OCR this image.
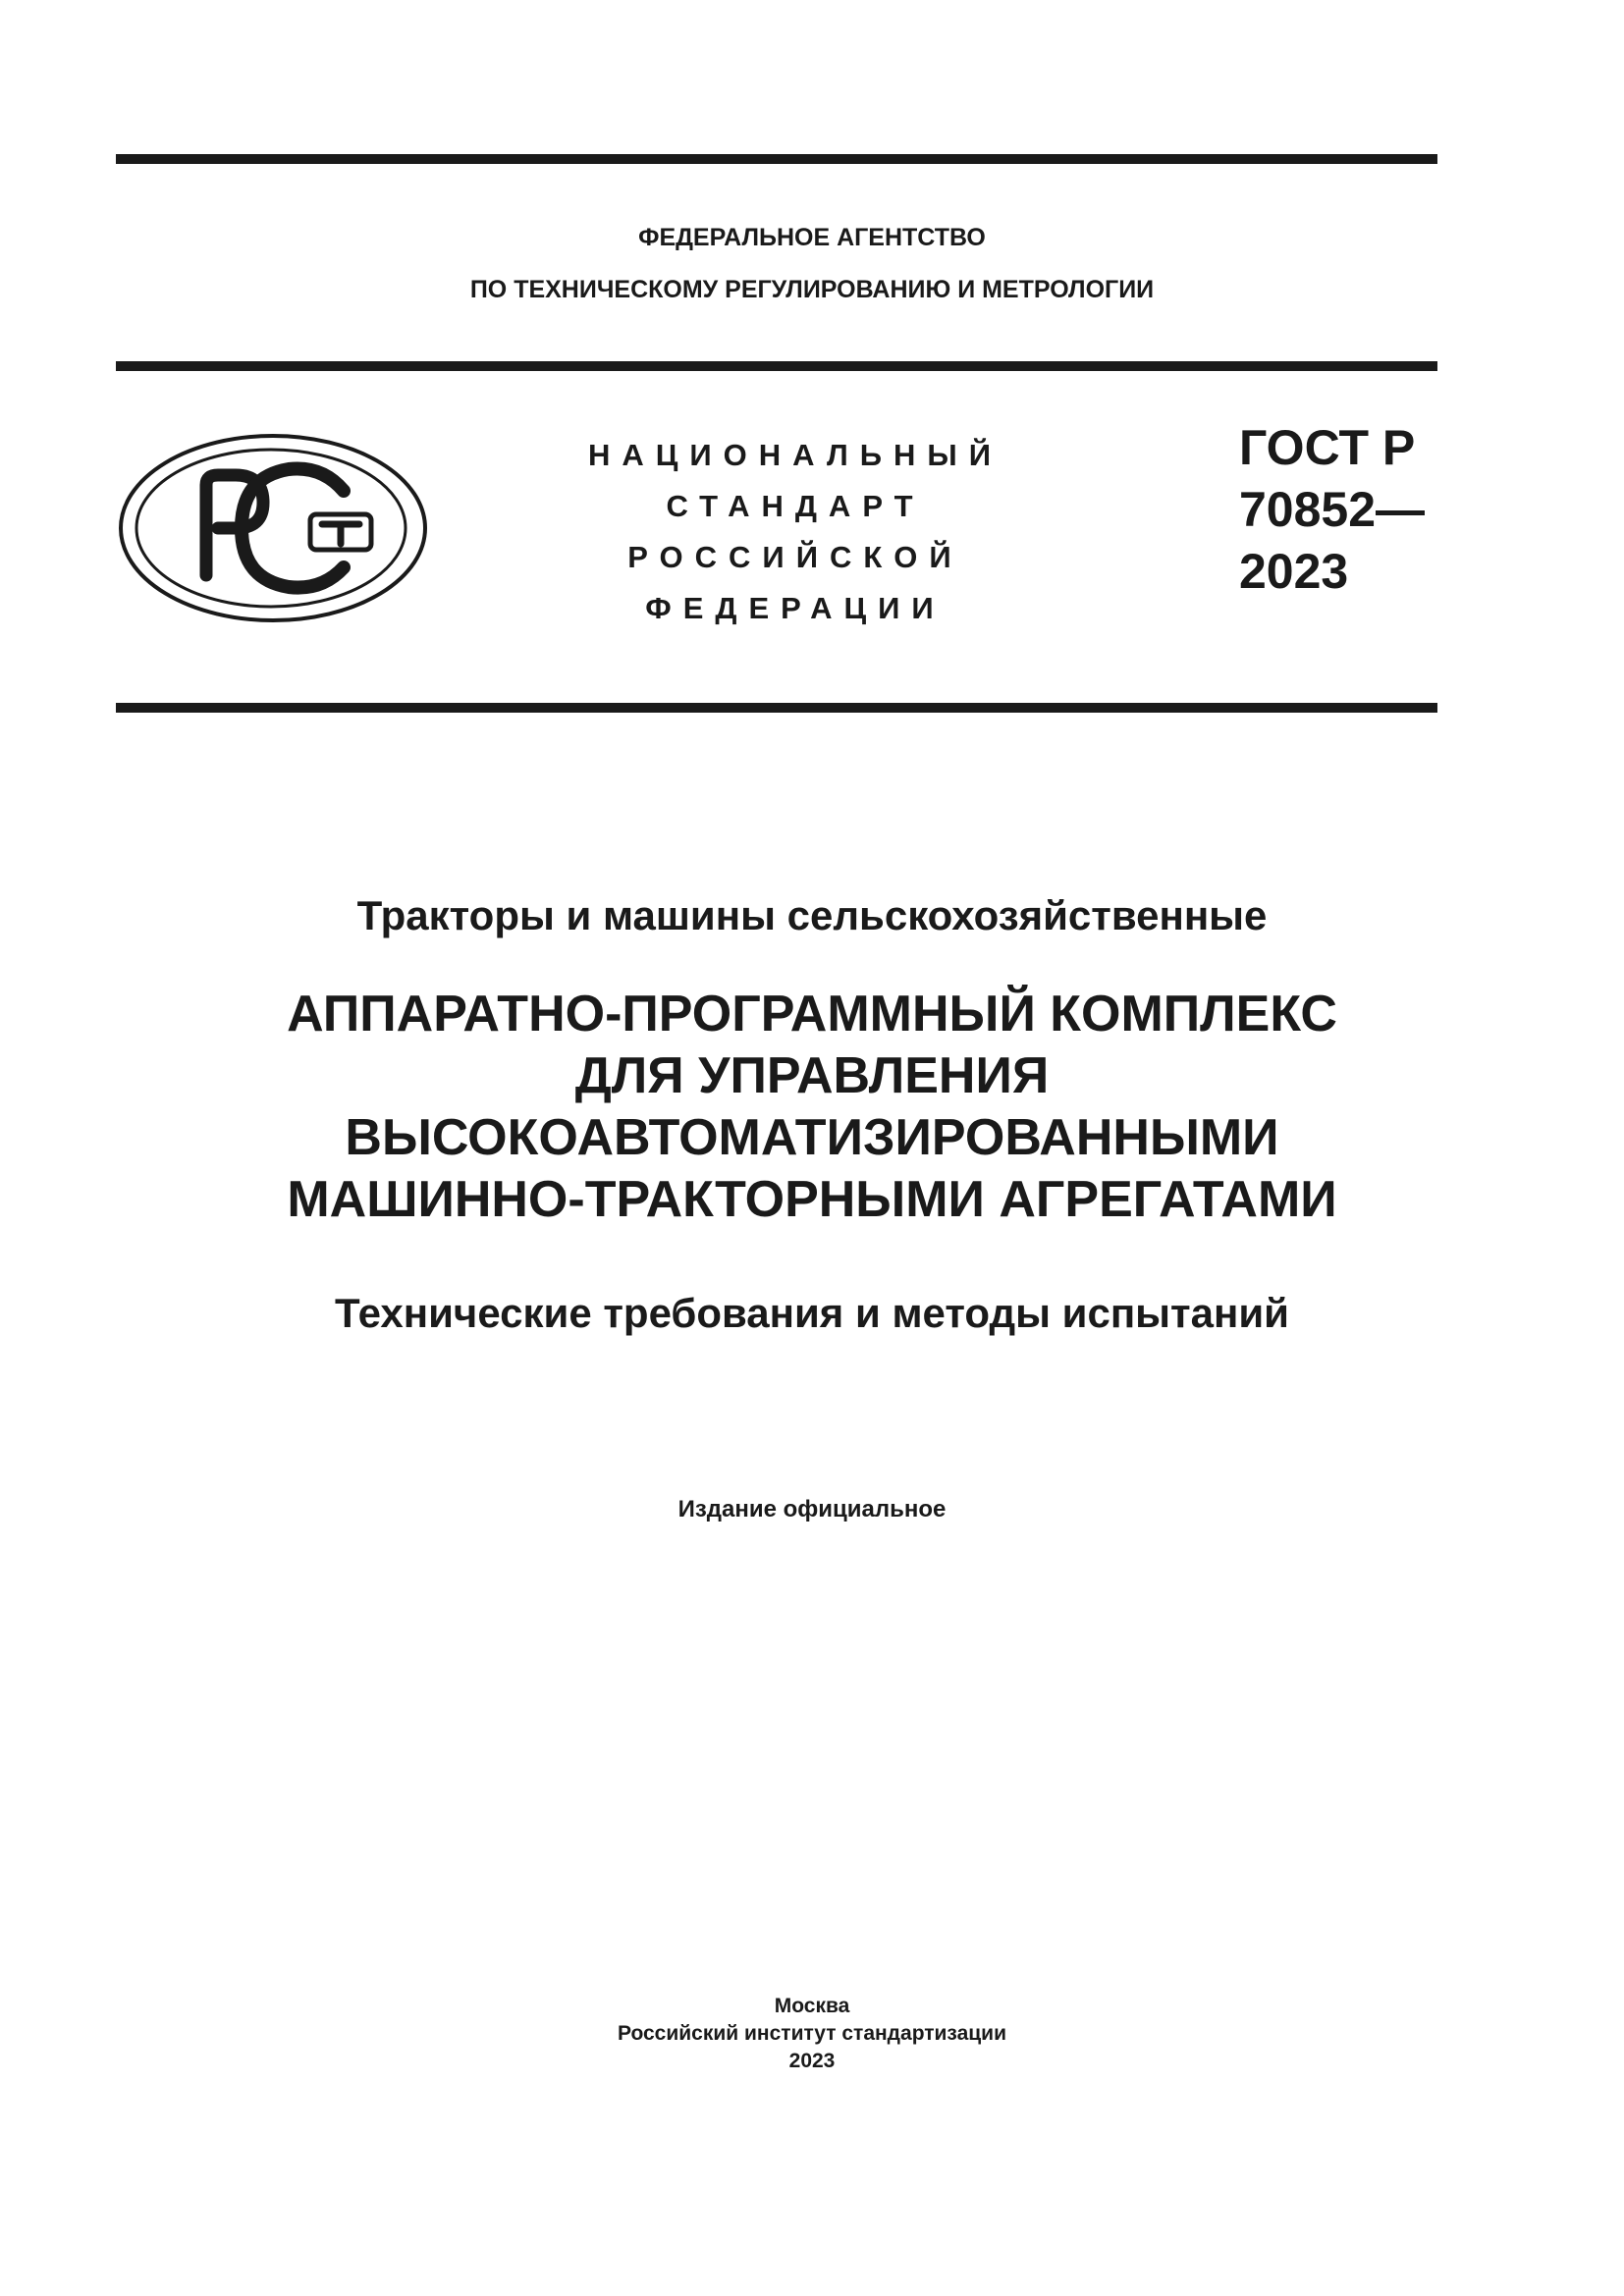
ФЕДЕРАЛЬНОЕ АГЕНТСТВО
ПО ТЕХНИЧЕСКОМУ РЕГУЛИРОВАНИЮ И МЕТРОЛОГИИ
НАЦИОНАЛЬНЫЙ
СТАНДАРТ
РОССИЙСКОЙ
ФЕДЕРАЦИИ
ГОСТ Р
70852—
2023
Тракторы и машины сельскохозяйственные
АППАРАТНО-ПРОГРАММНЫЙ КОМПЛЕКС
ДЛЯ УПРАВЛЕНИЯ
ВЫСОКОАВТОМАТИЗИРОВАННЫМИ
МАШИННО-ТРАКТОРНЫМИ АГРЕГАТАМИ
Технические требования и методы испытаний
Издание официальное
Москва
Российский институт стандартизации
2023
